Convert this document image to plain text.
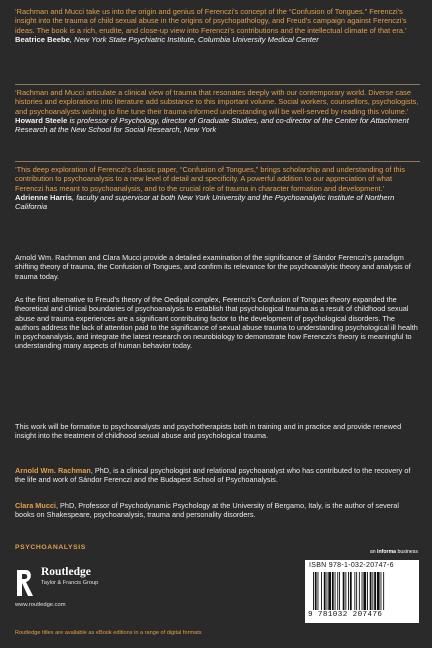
‘Rachman and Mucci take us into the origin and genius of Ferenczi’s concept of the “Confusion of Tongues.” Ferenczi’s insight into the trauma of child sexual abuse in the origins of psychopathology, and Freud’s campaign against Ferenczi’s ideas. The book is a rich, erudite, and close-up view into Ferenczi’s contributions and the intellectual climate of that era.’

Beatrice Beebe, New York State Psychiatric Institute, Columbia University Medical Center

‘Rachman and Mucci articulate a clinical view of trauma that resonates deeply with our contemporary world. Diverse case histories and explorations into literature add substance to this important volume. Social workers, counsellors, psychologists, and psychoanalysts wishing to fine tune their trauma-informed understanding will be well-served by reading this volume.’

Howard Steele is professor of Psychology, director of Graduate Studies, and co-director of the Center for Attachment Research at the New School for Social Research, New York

‘This deep exploration of Ferenczi’s classic paper, “Confusion of Tongues,” brings scholarship and understanding of this contribution to psychoanalysis to a new level of detail and specificity. A powerful addition to our appreciation of what Ferenczi has meant to psychoanalysis, and to the crucial role of trauma in character formation and development.’

Adrienne Harris, faculty and supervisor at both New York University and the Psychoanalytic Institute of Northern California

Arnold Wm. Rachman and Clara Mucci provide a detailed examination of the significance of Sándor Ferenczi’s paradigm shifting theory of trauma, the Confusion of Tongues, and confirm its relevance for the psychoanalytic theory and analysis of trauma today.

As the first alternative to Freud’s theory of the Oedipal complex, Ferenczi’s Confusion of Tongues theory expanded the theoretical and clinical boundaries of psychoanalysis to establish that psychological trauma as a result of childhood sexual abuse and trauma experiences are a significant contributing factor to the development of psychological disorders. The authors address the lack of attention paid to the significance of sexual abuse trauma to understanding psychological ill health in psychoanalysis, and integrate the latest research on neurobiology to demonstrate how Ferenczi’s theory is meaningful to understanding many aspects of human behavior today.

This work will be formative to psychoanalysts and psychotherapists both in training and in practice and provide renewed insight into the treatment of childhood sexual abuse and psychological trauma.

Arnold Wm. Rachman, PhD, is a clinical psychologist and relational psychoanalyst who has contributed to the recovery of the life and work of Sándor Ferenczi and the Budapest School of Psychoanalysis.

Clara Mucci, PhD, Professor of Psychodynamic Psychology at the University of Bergamo, Italy, is the author of several books on Shakespeare, psychoanalysis, trauma and personality disorders.

PSYCHOANALYSIS
Routledge
Taylor & Francis Group
www.routledge.com
an informa business
ISBN 978-1-032-20747-6
9 781032 207476
Routledge titles are available as eBook editions in a range of digital formats
